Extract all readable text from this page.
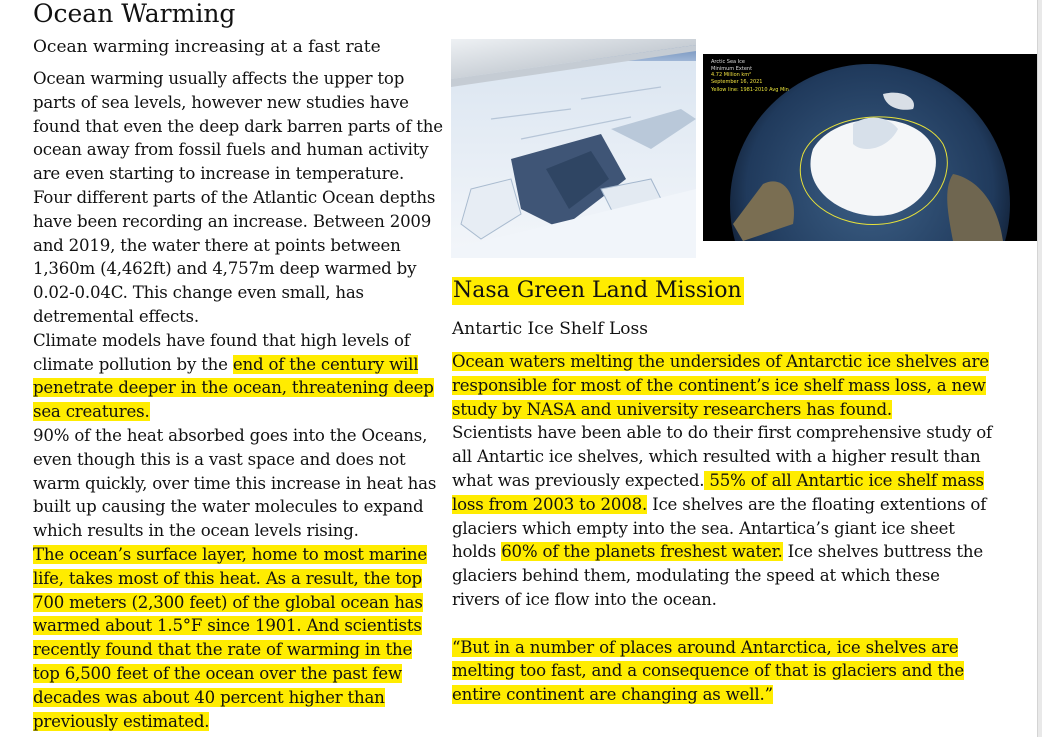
Ocean Warming
Ocean warming increasing at a fast rate

Ocean warming usually affects the upper top parts of sea levels, however new studies have found that even the deep dark barren parts of the ocean away from fossil fuels and human activity are even starting to increase in temperature.

Four different parts of the Atlantic Ocean depths have been recording an increase. Between 2009 and 2019, the water there at points between 1,360m (4,462ft) and 4,757m deep warmed by 0.02-0.04C. This change even small, has detremental effects.

Climate models have found that high levels of climate pollution by the end of the century will penetrate deeper in the ocean, threatening deep sea creatures.

90% of the heat absorbed goes into the Oceans, even though this is a vast space and does not warm quickly, over time this increase in heat has built up causing the water molecules to expand which results in the ocean levels rising.

The ocean’s surface layer, home to most marine life, takes most of this heat. As a result, the top 700 meters (2,300 feet) of the global ocean has warmed about 1.5°F since 1901. And scientists recently found that the rate of warming in the top 6,500 feet of the ocean over the past few decades was about 40 percent higher than previously estimated.

Arctic Sea Ice
Minimum Extent
4.72 Million km²
September 16, 2021
Yellow line: 1981-2010 Avg Min
Nasa Green Land Mission
Antartic Ice Shelf Loss

Ocean waters melting the undersides of Antarctic ice shelves are responsible for most of the continent’s ice shelf mass loss, a new study by NASA and university researchers has found.

Scientists have been able to do their first comprehensive study of all Antartic ice shelves, which resulted with a higher result than what was previously expected. 55% of all Antartic ice shelf mass loss from 2003 to 2008. Ice shelves are the floating extentions of glaciers which empty into the sea. Antartica’s giant ice sheet holds 60% of the planets freshest water. Ice shelves buttress the glaciers behind them, modulating the speed at which these rivers of ice flow into the ocean.

“But in a number of places around Antarctica, ice shelves are melting too fast, and a consequence of that is glaciers and the entire continent are changing as well.”
